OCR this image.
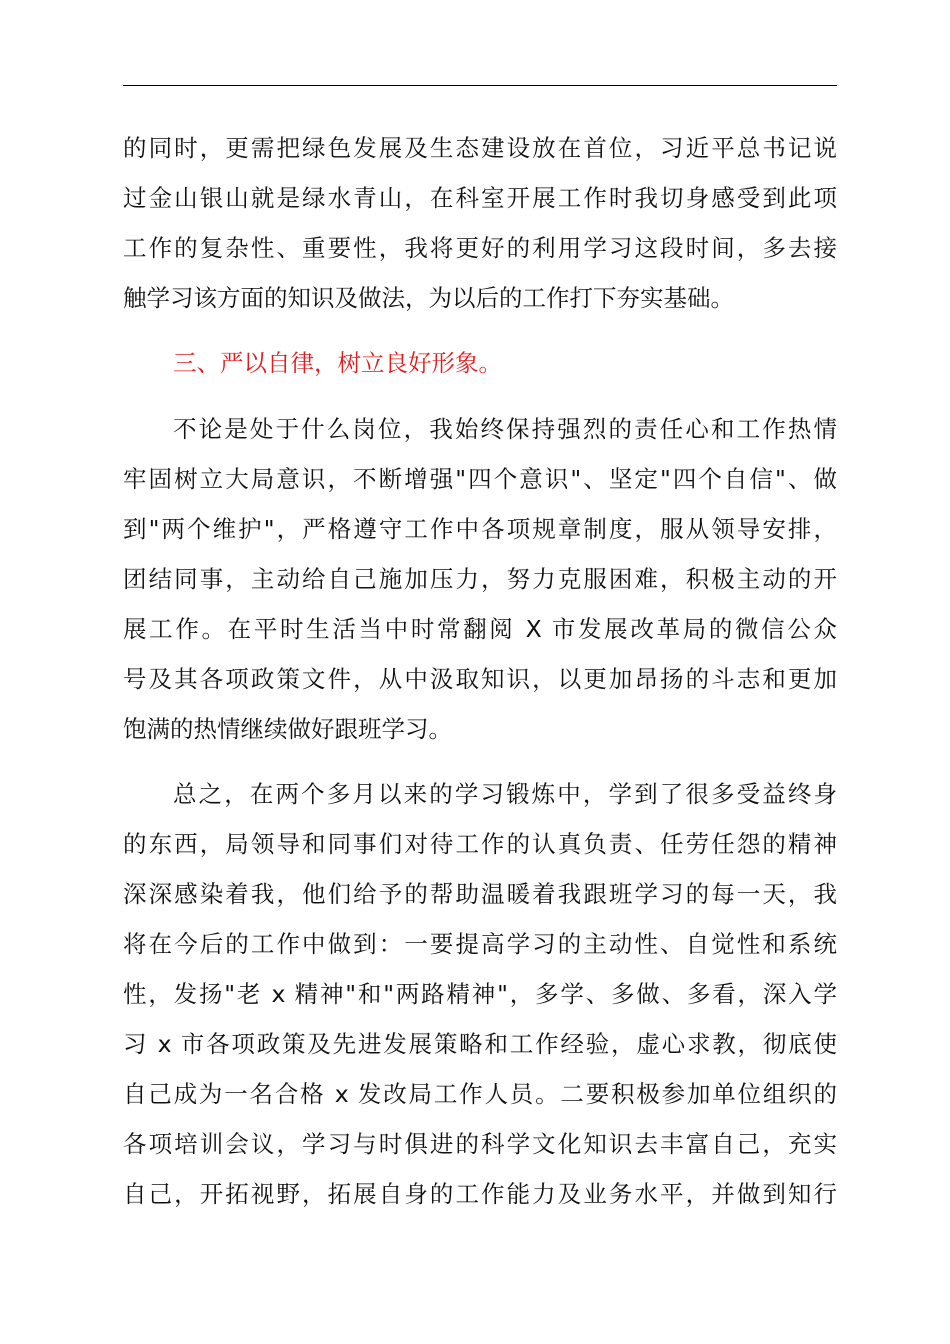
的同时，更需把绿色发展及生态建设放在首位，习近平总书记说
过金山银山就是绿水青山，在科室开展工作时我切身感受到此项
工作的复杂性、重要性，我将更好的利用学习这段时间，多去接
触学习该方面的知识及做法，为以后的工作打下夯实基础。
三、严以自律，树立良好形象。
不论是处于什么岗位，我始终保持强烈的责任心和工作热情
牢固树立大局意识，不断增强"四个意识"、坚定"四个自信"、做
到"两个维护"，严格遵守工作中各项规章制度，服从领导安排，
团结同事，主动给自己施加压力，努力克服困难，积极主动的开
展工作。在平时生活当中时常翻阅 X 市发展改革局的微信公众
号及其各项政策文件，从中汲取知识，以更加昂扬的斗志和更加
饱满的热情继续做好跟班学习。
总之，在两个多月以来的学习锻炼中，学到了很多受益终身
的东西，局领导和同事们对待工作的认真负责、任劳任怨的精神
深深感染着我，他们给予的帮助温暖着我跟班学习的每一天，我
将在今后的工作中做到：一要提高学习的主动性、自觉性和系统
性，发扬"老 x 精神"和"两路精神"，多学、多做、多看，深入学
习 x 市各项政策及先进发展策略和工作经验，虚心求教，彻底使
自己成为一名合格 x 发改局工作人员。二要积极参加单位组织的
各项培训会议，学习与时俱进的科学文化知识去丰富自己，充实
自己，开拓视野，拓展自身的工作能力及业务水平，并做到知行
